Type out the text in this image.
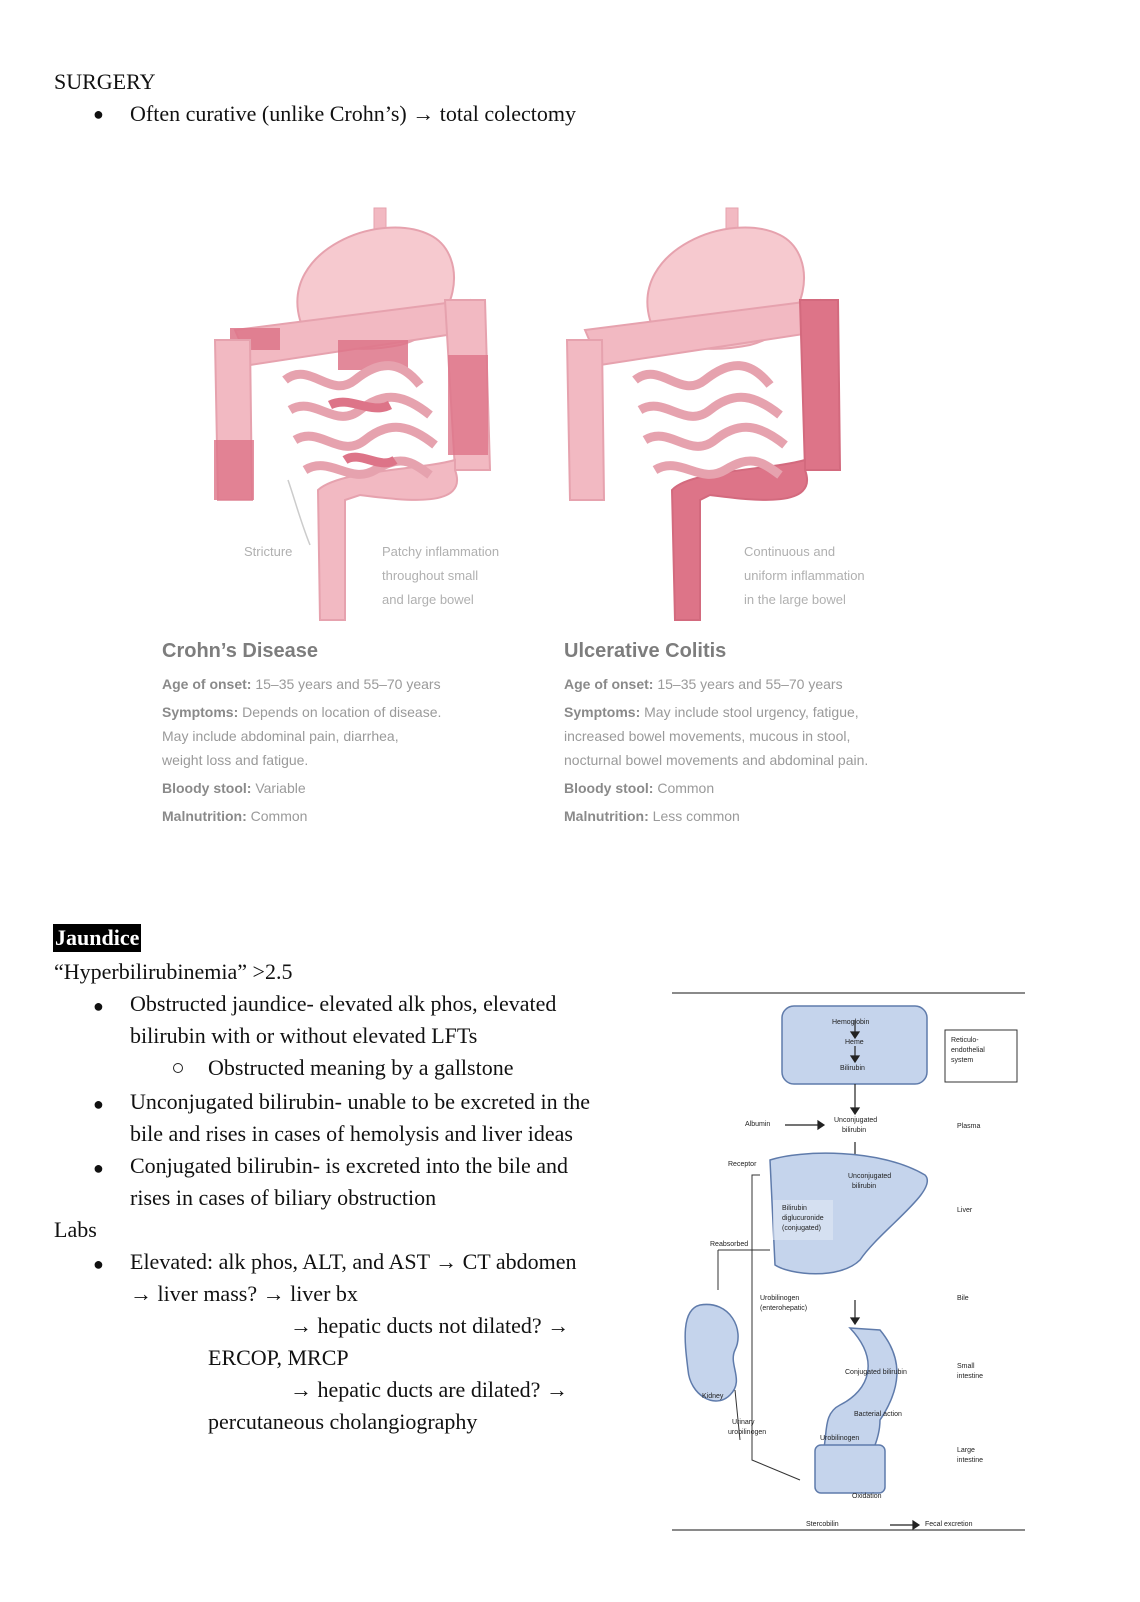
SURGERY
● Often curative (unlike Crohn’s) → total colectomy
Stricture	Patchy inflammation
throughout small
and large bowel
Continuous and
uniform inflammation
in the large bowel
Crohn’s Disease
Age of onset: 15–35 years and 55–70 years
Symptoms: Depends on location of disease.
May include abdominal pain, diarrhea,
weight loss and fatigue.
Bloody stool: Variable
Malnutrition: Common
Ulcerative Colitis
Age of onset: 15–35 years and 55–70 years
Symptoms: May include stool urgency, fatigue,
increased bowel movements, mucous in stool,
nocturnal bowel movements and abdominal pain.
Bloody stool: Common
Malnutrition: Less common
Jaundice
“Hyperbilirubinemia” >2.5
● Obstructed jaundice- elevated alk phos, elevated
bilirubin with or without elevated LFTs
Obstructed meaning by a gallstone
● Unconjugated bilirubin- unable to be excreted in the
bile and rises in cases of hemolysis and liver ideas
● Conjugated bilirubin- is excreted into the bile and
rises in cases of biliary obstruction
Labs
● Elevated: alk phos, ALT, and AST → CT abdomen
→ liver mass? → liver bx
→ hepatic ducts not dilated? →
ERCOP, MRCP
→ hepatic ducts are dilated? →
percutaneous cholangiography
Hemoglobin
Heme
Bilirubin
Reticulo-
endothelial
system
Albumin
Unconjugated
bilirubin
Plasma
Receptor
Unconjugated
bilirubin
Bilirubin
diglucuronide
(conjugated)
Liver
Reabsorbed
Urobilinogen
(enterohepatic)
Bile
Kidney
Conjugated bilirubin
Small
intestine
Bacterial action
Urinary
urobilinogen
Urobilinogen
Large
intestine
Oxidation
Stercobilin	Fecal excretion
